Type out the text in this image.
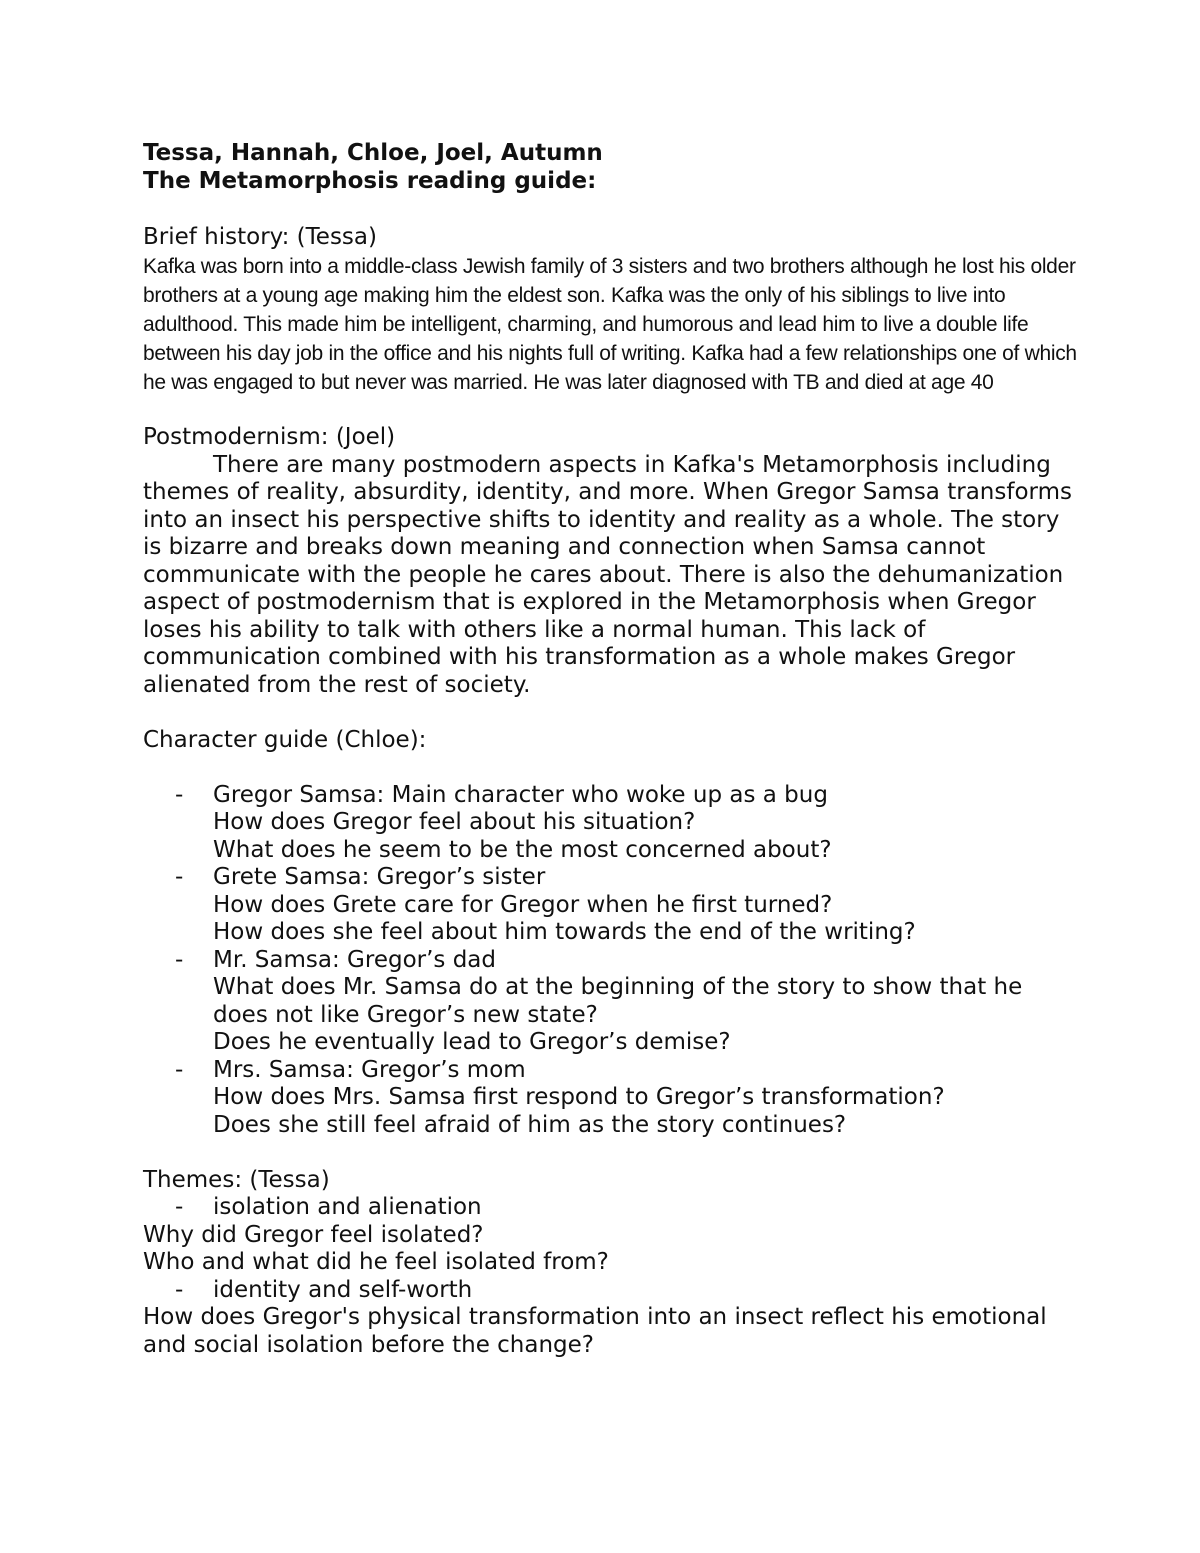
Tessa, Hannah, Chloe, Joel, Autumn

The Metamorphosis reading guide:

Brief history: (Tessa)

Kafka was born into a middle-class Jewish family of 3 sisters and two brothers although he lost his older brothers at a young age making him the eldest son. Kafka was the only of his siblings to live into adulthood. This made him be intelligent, charming, and humorous and lead him to live a double life between his day job in the office and his nights full of writing. Kafka had a few relationships one of which he was engaged to but never was married. He was later diagnosed with TB and died at age 40

Postmodernism: (Joel)

There are many postmodern aspects in Kafka's Metamorphosis including themes of reality, absurdity, identity, and more. When Gregor Samsa transforms into an insect his perspective shifts to identity and reality as a whole. The story is bizarre and breaks down meaning and connection when Samsa cannot communicate with the people he cares about. There is also the dehumanization aspect of postmodernism that is explored in the Metamorphosis when Gregor loses his ability to talk with others like a normal human. This lack of communication combined with his transformation as a whole makes Gregor alienated from the rest of society.

Character guide (Chloe):

- Gregor Samsa: Main character who woke up as a bug
How does Gregor feel about his situation?
What does he seem to be the most concerned about?
- Grete Samsa: Gregor’s sister
How does Grete care for Gregor when he first turned?
How does she feel about him towards the end of the writing?
- Mr. Samsa: Gregor’s dad
What does Mr. Samsa do at the beginning of the story to show that he does not like Gregor’s new state?
Does he eventually lead to Gregor’s demise?
- Mrs. Samsa: Gregor’s mom
How does Mrs. Samsa first respond to Gregor’s transformation?
Does she still feel afraid of him as the story continues?

Themes: (Tessa)

- isolation and alienation

Why did Gregor feel isolated?

Who and what did he feel isolated from?

- identity and self-worth

How does Gregor's physical transformation into an insect reflect his emotional and social isolation before the change?
